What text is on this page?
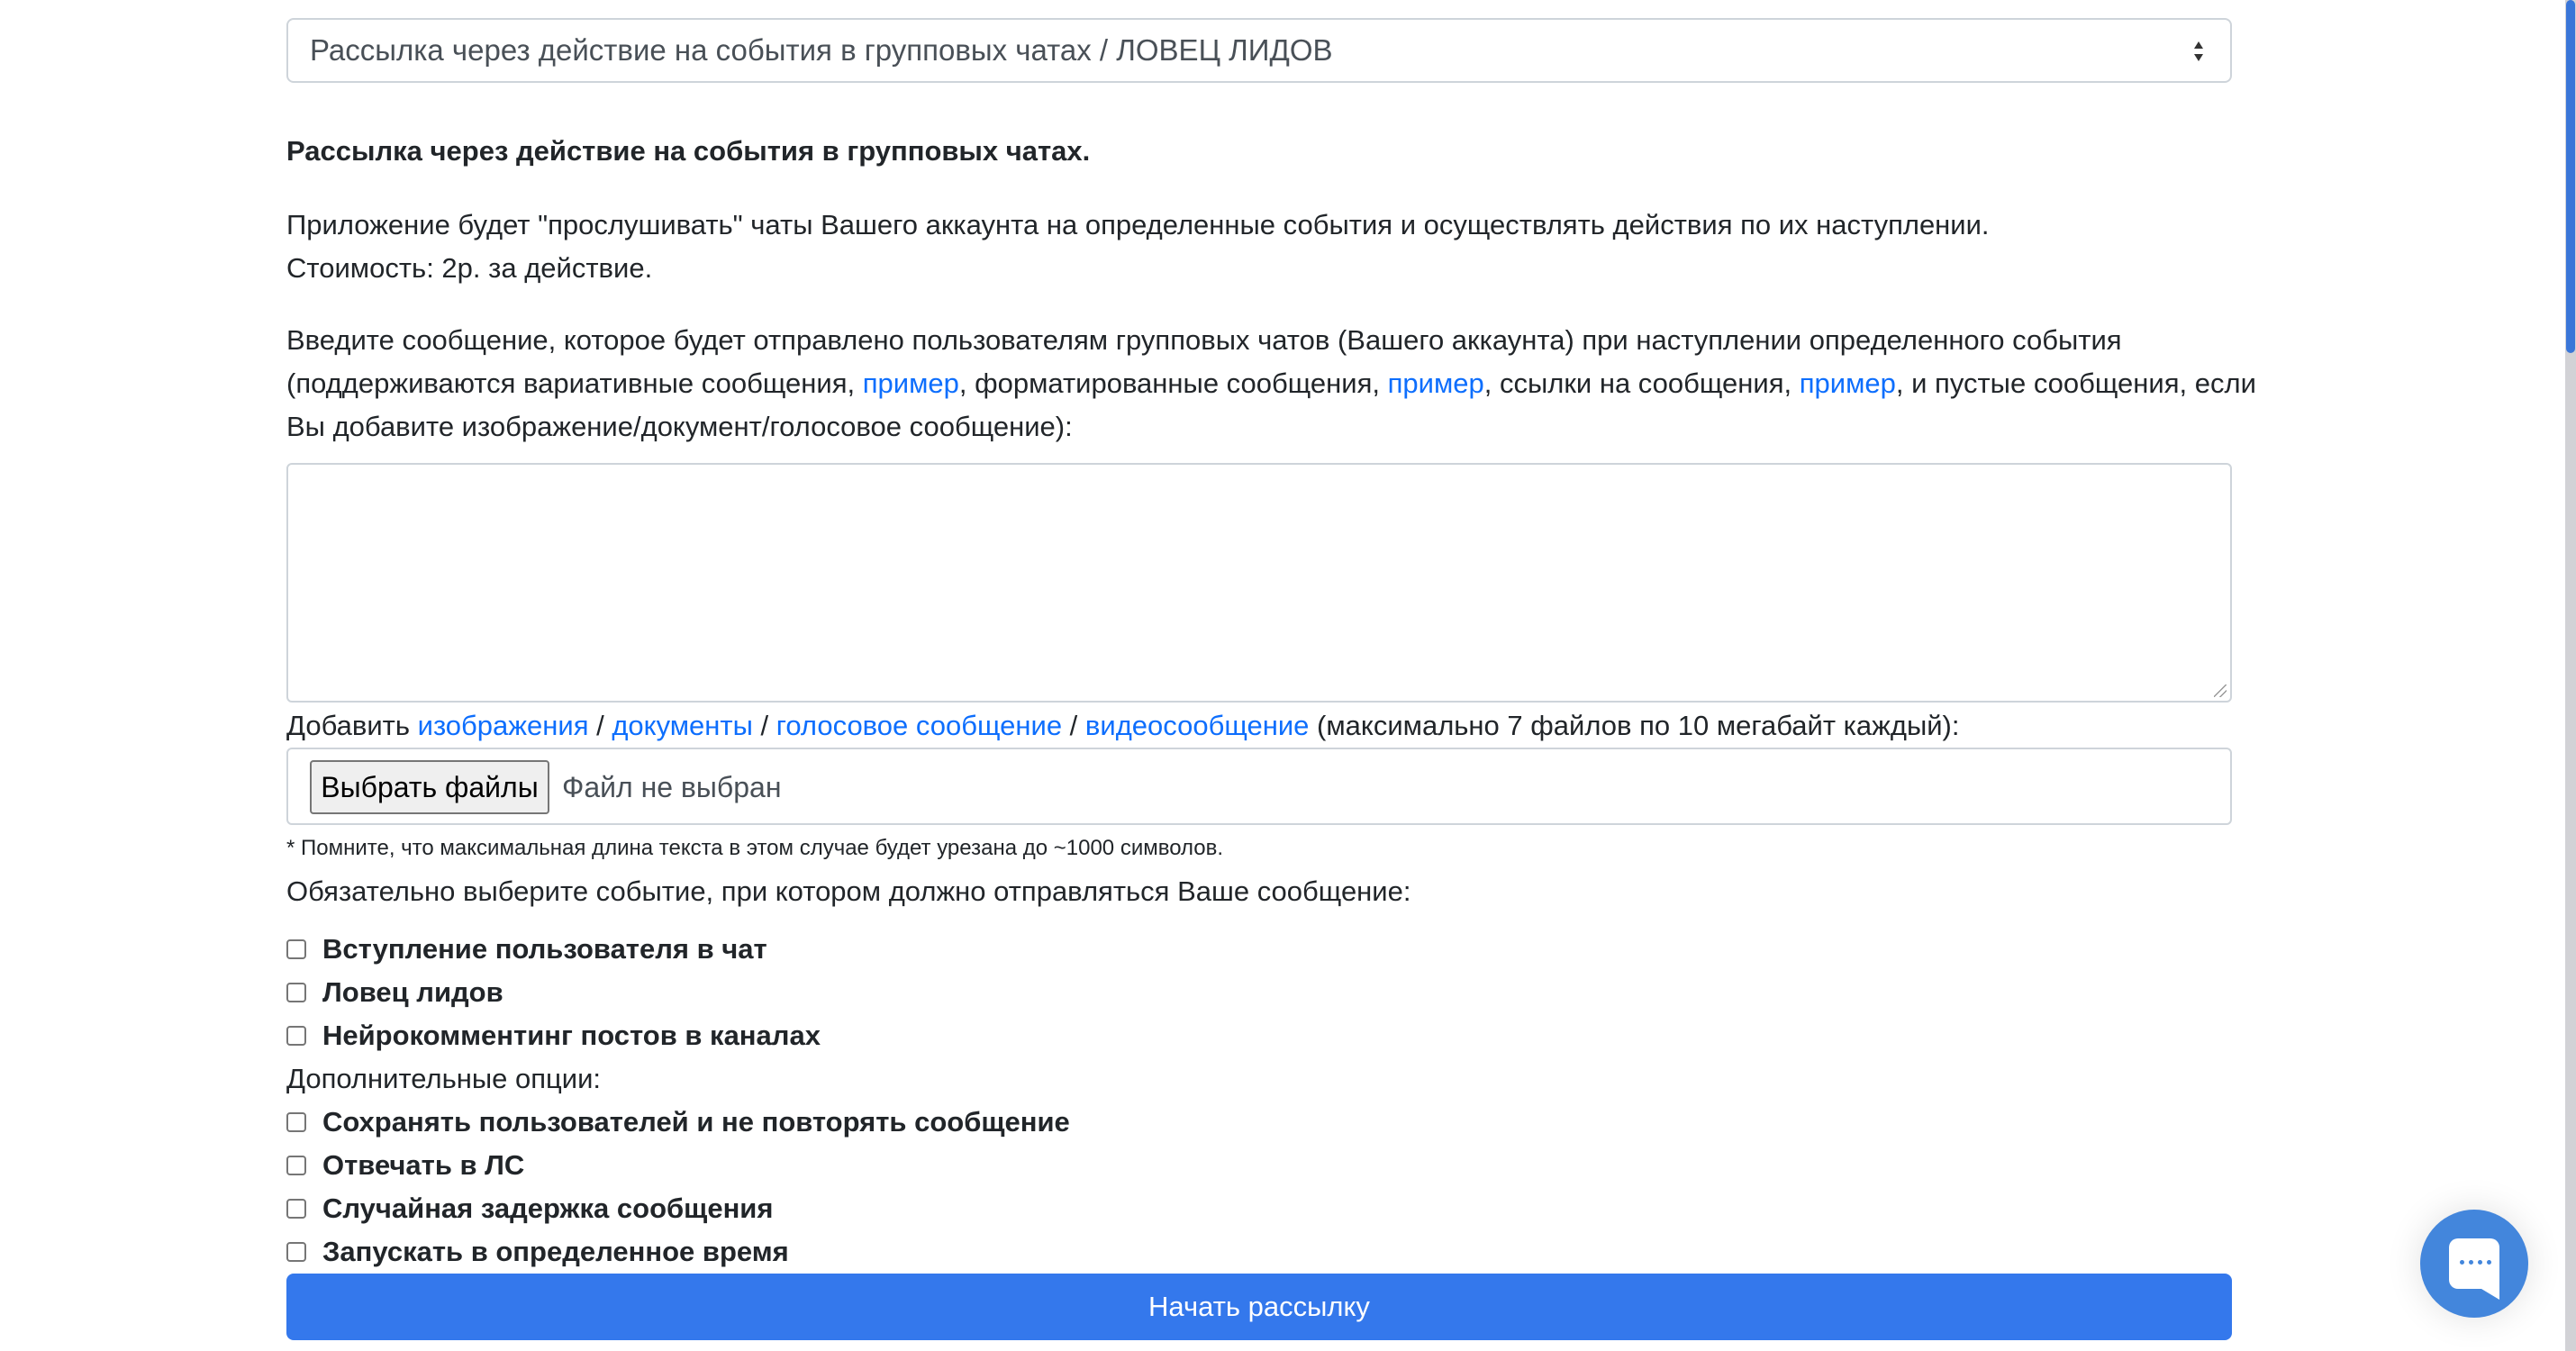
Рассылка через действие на события в групповых чатах / ЛОВЕЦ ЛИДОВ
Рассылка через действие на события в групповых чатах.
Приложение будет "прослушивать" чаты Вашего аккаунта на определенные события и осуществлять действия по их наступлении.
Стоимость: 2р. за действие.
Введите сообщение, которое будет отправлено пользователям групповых чатов (Вашего аккаунта) при наступлении определенного события (поддерживаются вариативные сообщения, пример, форматированные сообщения, пример, ссылки на сообщения, пример, и пустые сообщения, если Вы добавите изображение/документ/голосовое сообщение):
Добавить изображения / документы / голосовое сообщение / видеосообщение (максимально 7 файлов по 10 мегабайт каждый):
Выбрать файлы Файл не выбран
* Помните, что максимальная длина текста в этом случае будет урезана до ~1000 символов.
Обязательно выберите событие, при котором должно отправляться Ваше сообщение:
Вступление пользователя в чат
Ловец лидов
Нейрокомментинг постов в каналах
Дополнительные опции:
Сохранять пользователей и не повторять сообщение
Отвечать в ЛС
Случайная задержка сообщения
Запускать в определенное время
Начать рассылку
